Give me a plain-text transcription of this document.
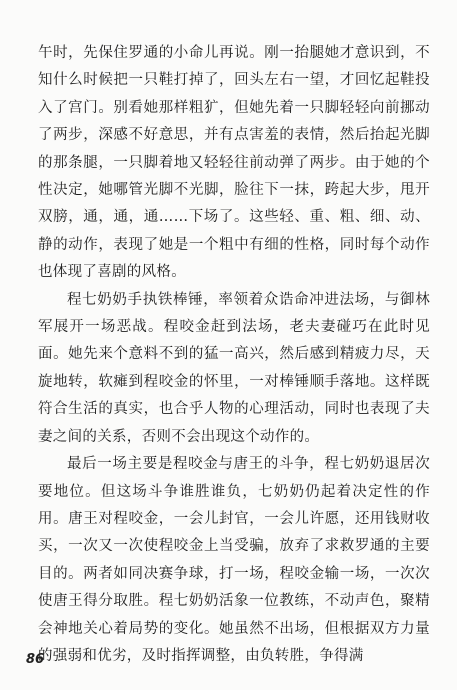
午时，先保住罗通的小命儿再说。刚一抬腿她才意识到，不知什么时候把一只鞋打掉了，回头左右一望，才回忆起鞋投入了宫门。别看她那样粗犷，但她先着一只脚轻轻向前挪动了两步，深感不好意思，并有点害羞的表情，然后抬起光脚的那条腿，一只脚着地又轻轻往前动弹了两步。由于她的个性决定，她哪管光脚不光脚，脸往下一抹，跨起大步，甩开双膀，通，通，通……下场了。这些轻、重、粗、细、动、静的动作，表现了她是一个粗中有细的性格，同时每个动作也体现了喜剧的风格。

程七奶奶手执铁棒锤，率领着众诰命冲进法场，与御林军展开一场恶战。程咬金赶到法场，老夫妻碰巧在此时见面。她先来个意料不到的猛一高兴，然后感到精疲力尽，天旋地转，软瘫到程咬金的怀里，一对棒锤顺手落地。这样既符合生活的真实，也合乎人物的心理活动，同时也表现了夫妻之间的关系，否则不会出现这个动作的。

最后一场主要是程咬金与唐王的斗争，程七奶奶退居次要地位。但这场斗争谁胜谁负，七奶奶仍起着决定性的作用。唐王对程咬金，一会儿封官，一会儿许愿，还用钱财收买，一次又一次使程咬金上当受骗，放弃了求救罗通的主要目的。两者如同决赛争球，打一场，程咬金输一场，一次次使唐王得分取胜。程七奶奶活象一位教练，不动声色，聚精会神地关心着局势的变化。她虽然不出场，但根据双方力量的强弱和优劣，及时指挥调整，由负转胜，争得满

86
